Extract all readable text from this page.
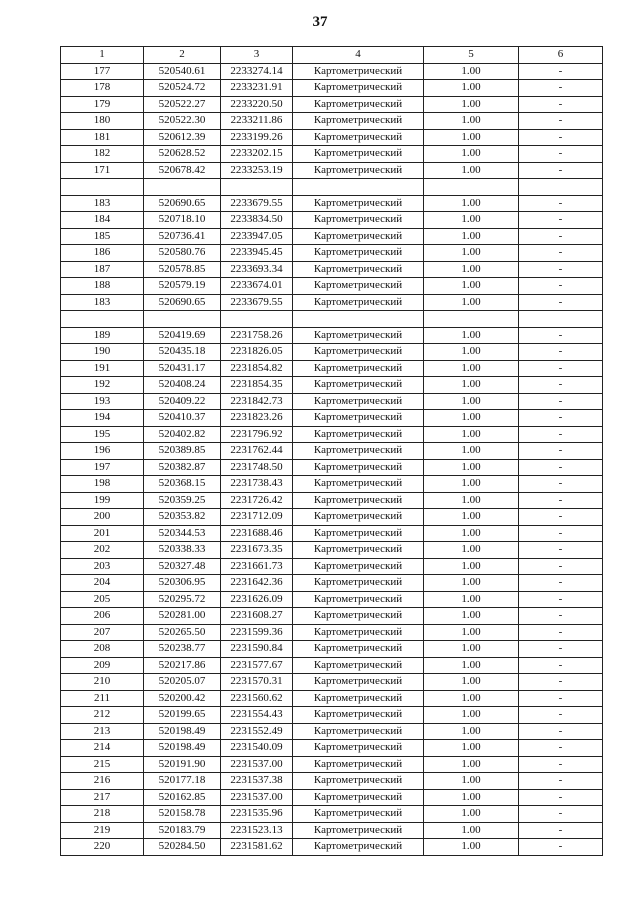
37
1	2	3	4	5	6
177	520540.61	2233274.14	Картометрический	1.00	-
178	520524.72	2233231.91	Картометрический	1.00	-
179	520522.27	2233220.50	Картометрический	1.00	-
180	520522.30	2233211.86	Картометрический	1.00	-
181	520612.39	2233199.26	Картометрический	1.00	-
182	520628.52	2233202.15	Картометрический	1.00	-
171	520678.42	2233253.19	Картометрический	1.00	-

183	520690.65	2233679.55	Картометрический	1.00	-
184	520718.10	2233834.50	Картометрический	1.00	-
185	520736.41	2233947.05	Картометрический	1.00	-
186	520580.76	2233945.45	Картометрический	1.00	-
187	520578.85	2233693.34	Картометрический	1.00	-
188	520579.19	2233674.01	Картометрический	1.00	-
183	520690.65	2233679.55	Картометрический	1.00	-

189	520419.69	2231758.26	Картометрический	1.00	-
190	520435.18	2231826.05	Картометрический	1.00	-
191	520431.17	2231854.82	Картометрический	1.00	-
192	520408.24	2231854.35	Картометрический	1.00	-
193	520409.22	2231842.73	Картометрический	1.00	-
194	520410.37	2231823.26	Картометрический	1.00	-
195	520402.82	2231796.92	Картометрический	1.00	-
196	520389.85	2231762.44	Картометрический	1.00	-
197	520382.87	2231748.50	Картометрический	1.00	-
198	520368.15	2231738.43	Картометрический	1.00	-
199	520359.25	2231726.42	Картометрический	1.00	-
200	520353.82	2231712.09	Картометрический	1.00	-
201	520344.53	2231688.46	Картометрический	1.00	-
202	520338.33	2231673.35	Картометрический	1.00	-
203	520327.48	2231661.73	Картометрический	1.00	-
204	520306.95	2231642.36	Картометрический	1.00	-
205	520295.72	2231626.09	Картометрический	1.00	-
206	520281.00	2231608.27	Картометрический	1.00	-
207	520265.50	2231599.36	Картометрический	1.00	-
208	520238.77	2231590.84	Картометрический	1.00	-
209	520217.86	2231577.67	Картометрический	1.00	-
210	520205.07	2231570.31	Картометрический	1.00	-
211	520200.42	2231560.62	Картометрический	1.00	-
212	520199.65	2231554.43	Картометрический	1.00	-
213	520198.49	2231552.49	Картометрический	1.00	-
214	520198.49	2231540.09	Картометрический	1.00	-
215	520191.90	2231537.00	Картометрический	1.00	-
216	520177.18	2231537.38	Картометрический	1.00	-
217	520162.85	2231537.00	Картометрический	1.00	-
218	520158.78	2231535.96	Картометрический	1.00	-
219	520183.79	2231523.13	Картометрический	1.00	-
220	520284.50	2231581.62	Картометрический	1.00	-
